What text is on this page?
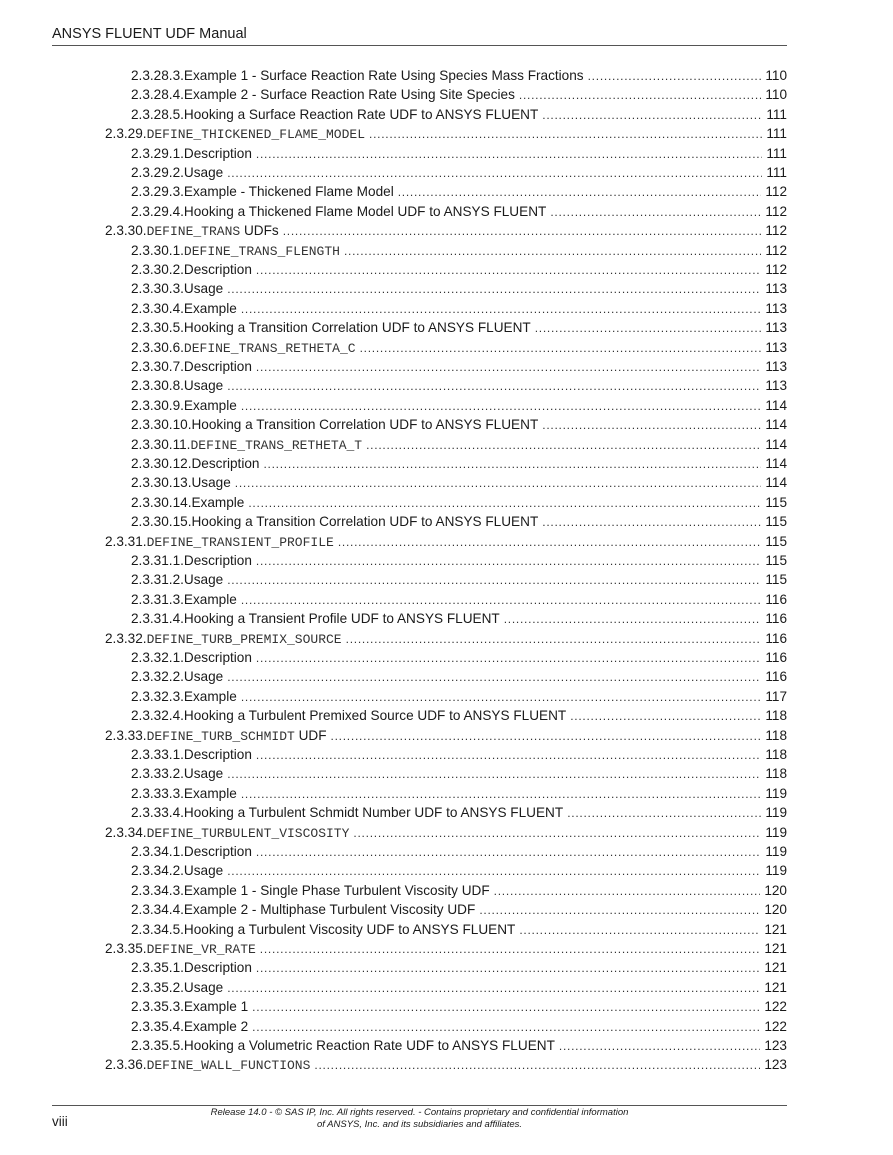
ANSYS FLUENT UDF Manual
2.3.28.3. Example 1 - Surface Reaction Rate Using Species Mass Fractions . . .	110
2.3.28.4. Example 2 - Surface Reaction Rate Using Site Species . . .	110
2.3.28.5. Hooking a Surface Reaction Rate UDF to ANSYS FLUENT . . .	111
2.3.29. DEFINE_THICKENED_FLAME_MODEL . . .	111
2.3.29.1. Description . . .	111
2.3.29.2. Usage . . .	111
2.3.29.3. Example - Thickened Flame Model . . .	112
2.3.29.4. Hooking a Thickened Flame Model UDF to ANSYS FLUENT . . .	112
2.3.30. DEFINE_TRANS UDFs . . .	112
2.3.30.1. DEFINE_TRANS_FLENGTH . . .	112
2.3.30.2. Description . . .	112
2.3.30.3. Usage . . .	113
2.3.30.4. Example . . .	113
2.3.30.5. Hooking a Transition Correlation UDF to ANSYS FLUENT . . .	113
2.3.30.6. DEFINE_TRANS_RETHETA_C . . .	113
2.3.30.7. Description . . .	113
2.3.30.8. Usage . . .	113
2.3.30.9. Example . . .	114
2.3.30.10. Hooking a Transition Correlation UDF to ANSYS FLUENT . . .	114
2.3.30.11. DEFINE_TRANS_RETHETA_T . . .	114
2.3.30.12. Description . . .	114
2.3.30.13. Usage . . .	114
2.3.30.14. Example . . .	115
2.3.30.15. Hooking a Transition Correlation UDF to ANSYS FLUENT . . .	115
2.3.31. DEFINE_TRANSIENT_PROFILE . . .	115
2.3.31.1. Description . . .	115
2.3.31.2. Usage . . .	115
2.3.31.3. Example . . .	116
2.3.31.4. Hooking a Transient Profile UDF to ANSYS FLUENT . . .	116
2.3.32. DEFINE_TURB_PREMIX_SOURCE . . .	116
2.3.32.1. Description . . .	116
2.3.32.2. Usage . . .	116
2.3.32.3. Example . . .	117
2.3.32.4. Hooking a Turbulent Premixed Source UDF to ANSYS FLUENT . . .	118
2.3.33. DEFINE_TURB_SCHMIDT UDF . . .	118
2.3.33.1. Description . . .	118
2.3.33.2. Usage . . .	118
2.3.33.3. Example . . .	119
2.3.33.4. Hooking a Turbulent Schmidt Number UDF to ANSYS FLUENT . . .	119
2.3.34. DEFINE_TURBULENT_VISCOSITY . . .	119
2.3.34.1. Description . . .	119
2.3.34.2. Usage . . .	119
2.3.34.3. Example 1 - Single Phase Turbulent Viscosity UDF . . .	120
2.3.34.4. Example 2 - Multiphase Turbulent Viscosity UDF . . .	120
2.3.34.5. Hooking a Turbulent Viscosity UDF to ANSYS FLUENT . . .	121
2.3.35. DEFINE_VR_RATE . . .	121
2.3.35.1. Description . . .	121
2.3.35.2. Usage . . .	121
2.3.35.3. Example 1 . . .	122
2.3.35.4. Example 2 . . .	122
2.3.35.5. Hooking a Volumetric Reaction Rate UDF to ANSYS FLUENT . . .	123
2.3.36. DEFINE_WALL_FUNCTIONS . . .	123
viii
Release 14.0 - © SAS IP, Inc. All rights reserved. - Contains proprietary and confidential information
of ANSYS, Inc. and its subsidiaries and affiliates.
